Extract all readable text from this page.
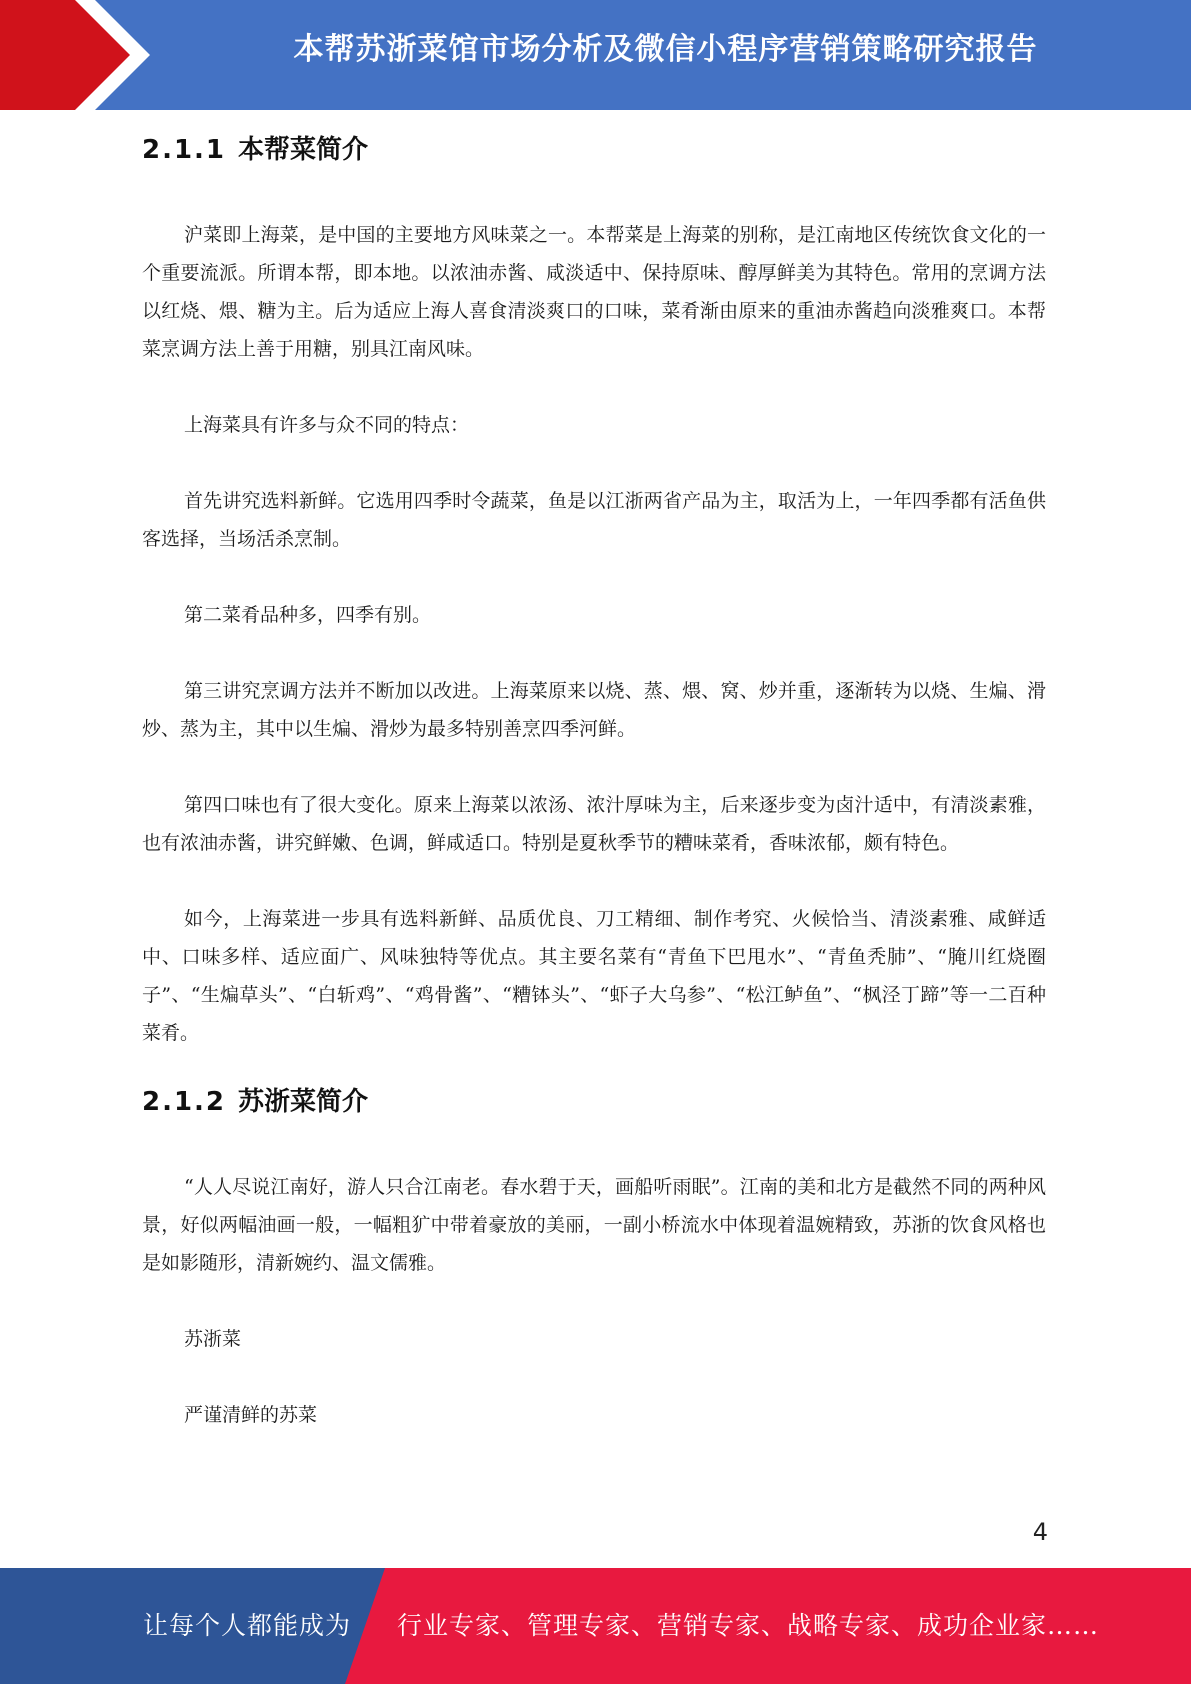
本帮苏浙菜馆市场分析及微信小程序营销策略研究报告
2.1.1 本帮菜简介

沪菜即上海菜，是中国的主要地方风味菜之一。本帮菜是上海菜的别称，是江南地区传统饮食文化的一个重要流派。所谓本帮，即本地。以浓油赤酱、咸淡适中、保持原味、醇厚鲜美为其特色。常用的烹调方法以红烧、煨、糖为主。后为适应上海人喜食清淡爽口的口味，菜肴渐由原来的重油赤酱趋向淡雅爽口。本帮菜烹调方法上善于用糖，别具江南风味。

上海菜具有许多与众不同的特点：

首先讲究选料新鲜。它选用四季时令蔬菜，鱼是以江浙两省产品为主，取活为上，一年四季都有活鱼供客选择，当场活杀烹制。

第二菜肴品种多，四季有别。

第三讲究烹调方法并不断加以改进。上海菜原来以烧、蒸、煨、窝、炒并重，逐渐转为以烧、生煸、滑炒、蒸为主，其中以生煸、滑炒为最多特别善烹四季河鲜。

第四口味也有了很大变化。原来上海菜以浓汤、浓汁厚味为主，后来逐步变为卤汁适中，有清淡素雅，也有浓油赤酱，讲究鲜嫩、色调，鲜咸适口。特别是夏秋季节的糟味菜肴，香味浓郁，颇有特色。

如今，上海菜进一步具有选料新鲜、品质优良、刀工精细、制作考究、火候恰当、清淡素雅、咸鲜适中、口味多样、适应面广、风味独特等优点。其主要名菜有“青鱼下巴甩水”、“青鱼秃肺”、“腌川红烧圈子”、“生煸草头”、“白斩鸡”、“鸡骨酱”、“糟钵头”、“虾子大乌参”、“松江鲈鱼”、“枫泾丁蹄”等一二百种菜肴。

2.1.2 苏浙菜简介

“人人尽说江南好，游人只合江南老。春水碧于天，画船听雨眠”。江南的美和北方是截然不同的两种风景，好似两幅油画一般，一幅粗犷中带着豪放的美丽，一副小桥流水中体现着温婉精致，苏浙的饮食风格也是如影随形，清新婉约、温文儒雅。

苏浙菜

严谨清鲜的苏菜

4
让每个人都能成为 行业专家、管理专家、营销专家、战略专家、成功企业家……
